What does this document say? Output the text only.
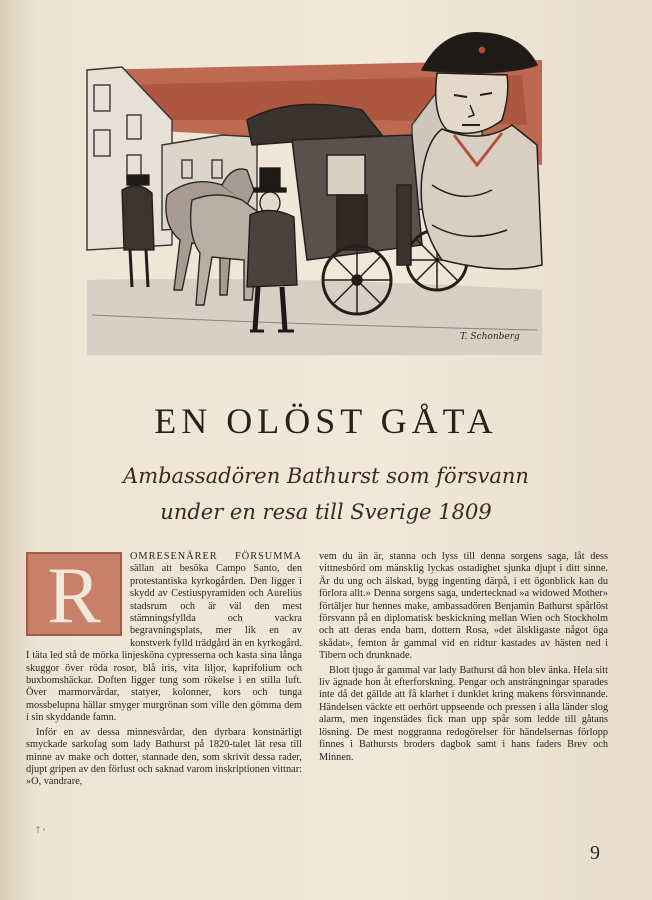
T. Schonberg
EN OLÖST GÅTA
Ambassadören Bathurst som försvann
under en resa till Sverige 1809
R	OMRESENÄRER FÖRSUMMA sällan att besöka Campo Santo, den protestantiska kyrkogården. Den ligger i skydd av Cestiuspyramiden och Aurelius stadsrum och är väl den mest stämningsfyllda och vackra begravningsplats, mer lik en av konstverk fylld trädgård än en kyrkogård. I täta led stå de mörka linjesköna cypresserna och kasta sina långa skuggor över röda rosor, blå iris, vita liljor, kaprifolium och buxbomshäckar. Doften ligger tung som rökelse i en stilla luft. Över marmorvårdar, statyer, kolonner, kors och tunga mossbelupna hällar smyger murgrönan som ville den gömma dem i sin skyddande famn.

Inför en av dessa minnesvårdar, den dyrbara konstnärligt smyckade sarkofag som lady Bathurst på 1820-talet lät resa till minne av make och dotter, stannade den, som skrivit dessa rader, djupt gripen av den förlust och saknad varom inskriptionen vittnar: »O, vandrare,

vem du än är, stanna och lyss till denna sorgens saga, låt dess vittnesbörd om mänsklig lyckas ostadighet sjunka djupt i ditt sinne. Är du ung och älskad, bygg ingenting därpå, i ett ögonblick kan du förlora allt.» Denna sorgens saga, undertecknad »a widowed Mother» förtäljer hur hennes make, ambassadören Benjamin Bathurst spårlöst försvann på en diplomatisk beskickning mellan Wien och Stockholm och att deras enda barn, dottern Rosa, »det älskligaste något öga skådat», femton år gammal vid en ridtur kastades av hästen ned i Tibern och drunknade.

Blott tjugo år gammal var lady Bathurst då hon blev änka. Hela sitt liv ägnade hon åt efterforskning. Pengar och ansträngningar sparades inte då det gällde att få klarhet i dunklet kring makens försvinnande. Händelsen väckte ett oerhört uppseende och pressen i alla länder slog alarm, men ingenstädes fick man upp spår som ledde till gåtans lösning. De mest noggranna redogörelser för händelsernas förlopp finnes i Bathursts broders dagbok samt i hans faders Brev och Minnen.

† ‹
9
